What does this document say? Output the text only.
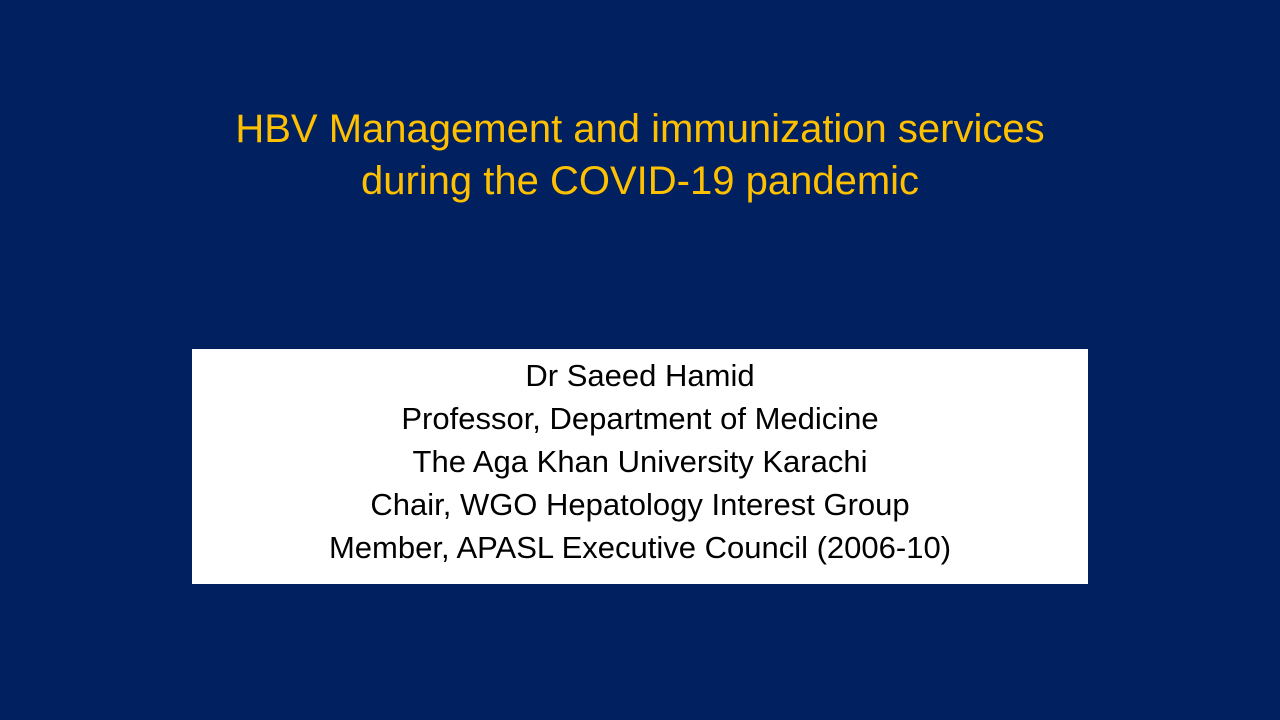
HBV Management and immunization services
during the COVID-19 pandemic
Dr Saeed Hamid
Professor, Department of Medicine
The Aga Khan University Karachi
Chair, WGO Hepatology Interest Group
Member, APASL Executive Council (2006-10)
